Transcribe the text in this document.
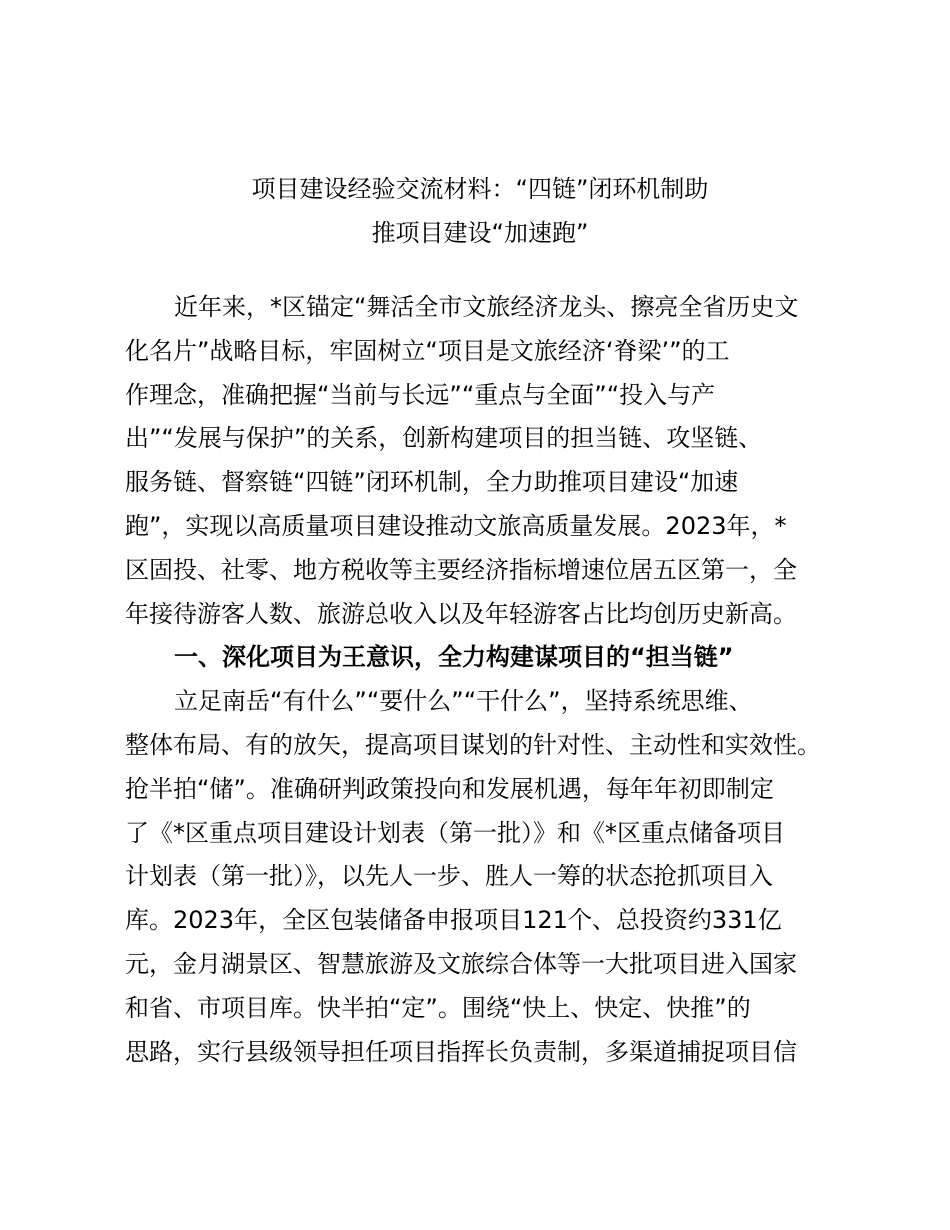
项目建设经验交流材料：“四链”闭环机制助
推项目建设“加速跑”
近年来，*区锚定“舞活全市文旅经济龙头、擦亮全省历史文
化名片”战略目标，牢固树立“项目是文旅经济‘脊梁’”的工
作理念，准确把握“当前与长远”“重点与全面”“投入与产
出”“发展与保护”的关系，创新构建项目的担当链、攻坚链、
服务链、督察链“四链”闭环机制，全力助推项目建设“加速
跑”，实现以高质量项目建设推动文旅高质量发展。2023年，*
区固投、社零、地方税收等主要经济指标增速位居五区第一，全
年接待游客人数、旅游总收入以及年轻游客占比均创历史新高。
一、深化项目为王意识，全力构建谋项目的“担当链”
立足南岳“有什么”“要什么”“干什么”，坚持系统思维、
整体布局、有的放矢，提高项目谋划的针对性、主动性和实效性。
抢半拍“储”。准确研判政策投向和发展机遇，每年年初即制定
了《*区重点项目建设计划表（第一批）》和《*区重点储备项目
计划表（第一批）》，以先人一步、胜人一筹的状态抢抓项目入
库。2023年，全区包装储备申报项目121个、总投资约331亿
元，金月湖景区、智慧旅游及文旅综合体等一大批项目进入国家
和省、市项目库。快半拍“定”。围绕“快上、快定、快推”的
思路，实行县级领导担任项目指挥长负责制，多渠道捕捉项目信
